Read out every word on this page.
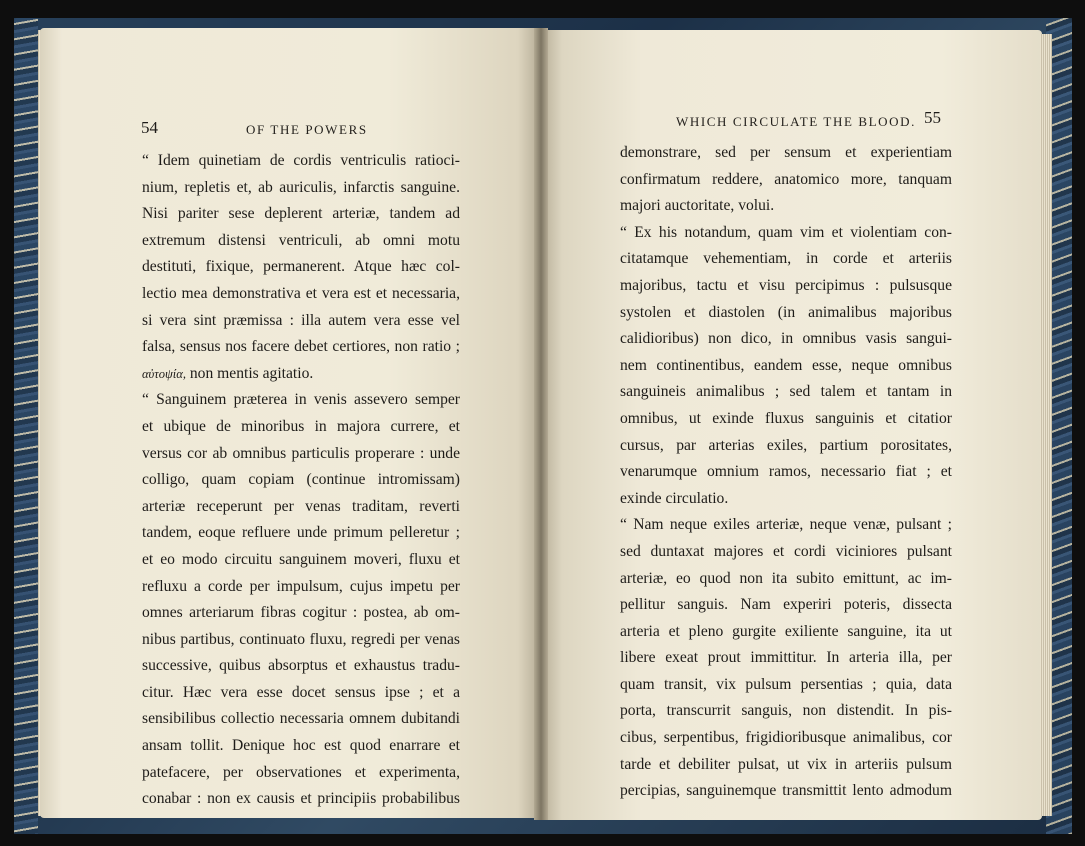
54	OF THE POWERS
“ Idem quinetiam de cordis ventriculis ratioci-
nium, repletis et, ab auriculis, infarctis sanguine.
Nisi pariter sese deplerent arteriæ, tandem ad
extremum distensi ventriculi, ab omni motu
destituti, fixique, permanerent. Atque hæc col-
lectio mea demonstrativa et vera est et necessaria,
si vera sint præmissa : illa autem vera esse vel
falsa, sensus nos facere debet certiores, non ratio ;
αὐτοψία, non mentis agitatio.
“ Sanguinem præterea in venis assevero semper
et ubique de minoribus in majora currere, et
versus cor ab omnibus particulis properare : unde
colligo, quam copiam (continue intromissam)
arteriæ receperunt per venas traditam, reverti
tandem, eoque refluere unde primum pelleretur ;
et eo modo circuitu sanguinem moveri, fluxu et
refluxu a corde per impulsum, cujus impetu per
omnes arteriarum fibras cogitur : postea, ab om-
nibus partibus, continuato fluxu, regredi per venas
successive, quibus absorptus et exhaustus tradu-
citur. Hæc vera esse docet sensus ipse ; et a
sensibilibus collectio necessaria omnem dubitandi
ansam tollit. Denique hoc est quod enarrare et
patefacere, per observationes et experimenta,
conabar : non ex causis et principiis probabilibus
WHICH CIRCULATE THE BLOOD. 55
demonstrare, sed per sensum et experientiam
confirmatum reddere, anatomico more, tanquam
majori auctoritate, volui.
“ Ex his notandum, quam vim et violentiam con-
citatamque vehementiam, in corde et arteriis
majoribus, tactu et visu percipimus : pulsusque
systolen et diastolen (in animalibus majoribus
calidioribus) non dico, in omnibus vasis sangui-
nem continentibus, eandem esse, neque omnibus
sanguineis animalibus ; sed talem et tantam in
omnibus, ut exinde fluxus sanguinis et citatior
cursus, par arterias exiles, partium porositates,
venarumque omnium ramos, necessario fiat ; et
exinde circulatio.
“ Nam neque exiles arteriæ, neque venæ, pulsant ;
sed duntaxat majores et cordi viciniores pulsant
arteriæ, eo quod non ita subito emittunt, ac im-
pellitur sanguis. Nam experiri poteris, dissecta
arteria et pleno gurgite exiliente sanguine, ita ut
libere exeat prout immittitur. In arteria illa, per
quam transit, vix pulsum persentias ; quia, data
porta, transcurrit sanguis, non distendit. In pis-
cibus, serpentibus, frigidioribusque animalibus, cor
tarde et debiliter pulsat, ut vix in arteriis pulsum
percipias, sanguinemque transmittit lento admodum
